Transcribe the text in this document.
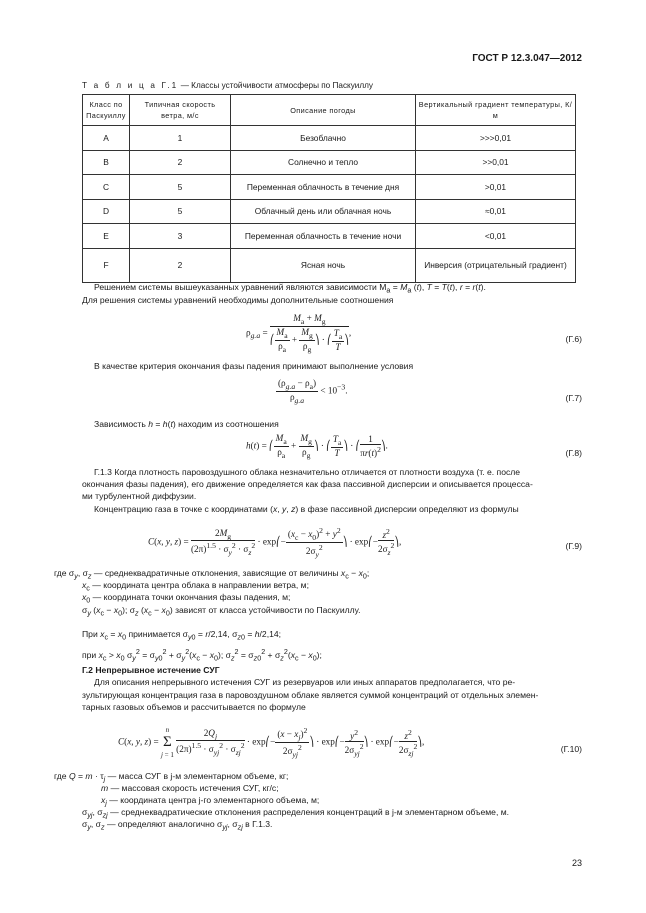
ГОСТ Р 12.3.047—2012
Т а б л и ц а Г.1 — Классы устойчивости атмосферы по Паскуиллу
Класс по Паскуиллу	Типичная скорость ветра, м/с	Описание погоды	Вертикальный градиент температуры, К/м
A	1	Безоблачно	>>>0,01
B	2	Солнечно и тепло	>>0,01
C	5	Переменная облачность в течение дня	>0,01
D	5	Облачный день или облачная ночь	≈0,01
E	3	Переменная облачность в течение ночи	<0,01
F	2	Ясная ночь	Инверсия (отрицательный градиент)
Решением системы вышеуказанных уравнений являются зависимости $M_a = M_a$ (t), T = T(t), r = r(t).
Для решения системы уравнений необходимы дополнительные соотношения
$\rho_{g.a} = \frac{M_a + M_g}{⎛ \frac{M_a}{\rho_a} + \frac{M_g}{\rho_g} ⎞ \cdot ⎛ \frac{T_a}{T} ⎞}$ ,
(Г.6)
В качестве критерия окончания фазы падения принимают выполнение условия
$\frac{(\rho_{g.a} - \rho_a)}{\rho_{g.a}} < 10^{-3}$.
(Г.7)
Зависимость h = h(t) находим из соотношения
h(t) = ⎛ $\frac{M_a}{\rho_a} + \frac{M_g}{\rho_g}$ ⎞ · ⎛ $\frac{T_a}{T}$ ⎞ · ⎛ $\frac{1}{\pi r(t)^2}$ ⎞.
(Г.8)
Г.1.3 Когда плотность паровоздушного облака незначительно отличается от плотности воздуха (т. е. после
окончания фазы падения), его движение определяется как фаза пассивной дисперсии и описывается процесса-
ми турбулентной диффузии.
Концентрацию газа в точке с координатами (x, y, z) в фазе пассивной дисперсии определяют из формулы
C(x, y, $z) = \frac{2M_g}{(2\pi)^{1.5} \cdot \sigma_y^2 \cdot \sigma_z^2}$ · exp⎛− $\frac{(x_c - x_0)^2 + y^2}{2\sigma_y^2}$ ⎞ · exp⎛− $\frac{z^2}{2\sigma_z^2}$ ⎞,	(Г.9)
где $\sigma_y$, $\sigma_z$ — среднеквадратичные отклонения, зависящие от величины $x_c - x_0$;
$x_c$ — координата центра облака в направлении ветра, м;
$x_0$ — координата точки окончания фазы падения, м;
$\sigma_y$ $(x_c - x_0)$; $\sigma_z$ $(x_c - x_0)$ зависят от класса устойчивости по Паскуиллу.
При $x_c = x_0$ принимается $\sigma_{y0} = r/2,14$, $\sigma_{z0} = h/2,14$;
при $x_c > x_0$ $\sigma_y^2 = \sigma_{y0}^2 + \sigma_y^2(x_c - x_0)$; $\sigma_z^2 = \sigma_{z0}^2 + \sigma_z^2(x_c - x_0)$;
Г.2 Непрерывное истечение СУГ
Для описания непрерывного истечения СУГ из резервуаров или иных аппаратов предполагается, что ре-
зультирующая концентрация газа в паровоздушном облаке является суммой концентраций от отдельных элемен-
тарных газовых объемов и рассчитывается по формуле
C(x, y, z) =
n
Σ
j = 1
$\frac{2Q_j}{(2\pi)^{1.5} \cdot \sigma_{yj}^2 \cdot \sigma_{zj}^2}$ · exp⎛− $\frac{(x - x_j)^2}{2\sigma_{yj}^2}$ ⎞ · exp⎛− $\frac{y^2}{2\sigma_{yj}^2}$ ⎞ · exp⎛− $\frac{z^2}{2\sigma_{zj}^2}$ ⎞,
(Г.10)
где $Q = m \cdot \tau_j$ — масса СУГ в j-м элементарном объеме, кг;
m — массовая скорость истечения СУГ, кг/с;
$x_j$ — координата центра j-го элементарного объема, м;
$\sigma_{yj}$, $\sigma_{zj}$ — среднеквадратические отклонения распределения концентраций в j-м элементарном объеме, м.
$\sigma_y$, $\sigma_z$ — определяют аналогично $\sigma_{yj}$, $\sigma_{zj}$ в Г.1.3.
23
